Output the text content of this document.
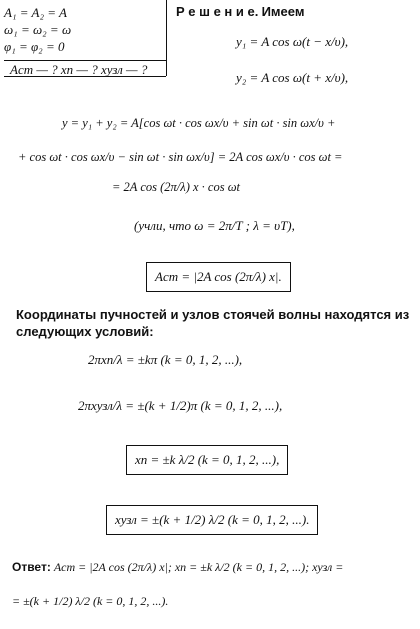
A₁ = A₂ = A
ω₁ = ω₂ = ω
φ₁ = φ₂ = 0
Aст — ? xп — ? xузл — ?
Р е ш е н и е. Имеем
y₁ = A cos ω(t − x/υ),
y₂ = A cos ω(t + x/υ),
y = y₁ + y₂ = A[cos ωt · cos ωx/υ + sin ωt · sin ωx/υ +
+ cos ωt · cos ωx/υ − sin ωt · sin ωx/υ] = 2A cos ωx/υ · cos ωt =
= 2A cos (2π/λ) x · cos ωt
(учли, что ω = 2π/T ; λ = υT),
Aст = |2A cos (2π/λ) x|.
Координаты пучностей и узлов стоячей волны находятся из следующих условий:
2πxп/λ = ±kπ (k = 0, 1, 2, ...),
2πxузл/λ = ±(k + 1/2)π (k = 0, 1, 2, ...),
xп = ±k λ/2 (k = 0, 1, 2, ...),
xузл = ±(k + 1/2) λ/2 (k = 0, 1, 2, ...).
Ответ: Aст = |2A cos (2π/λ) x|; xп = ±k λ/2 (k = 0, 1, 2, ...); xузл =
= ±(k + 1/2) λ/2 (k = 0, 1, 2, ...).
